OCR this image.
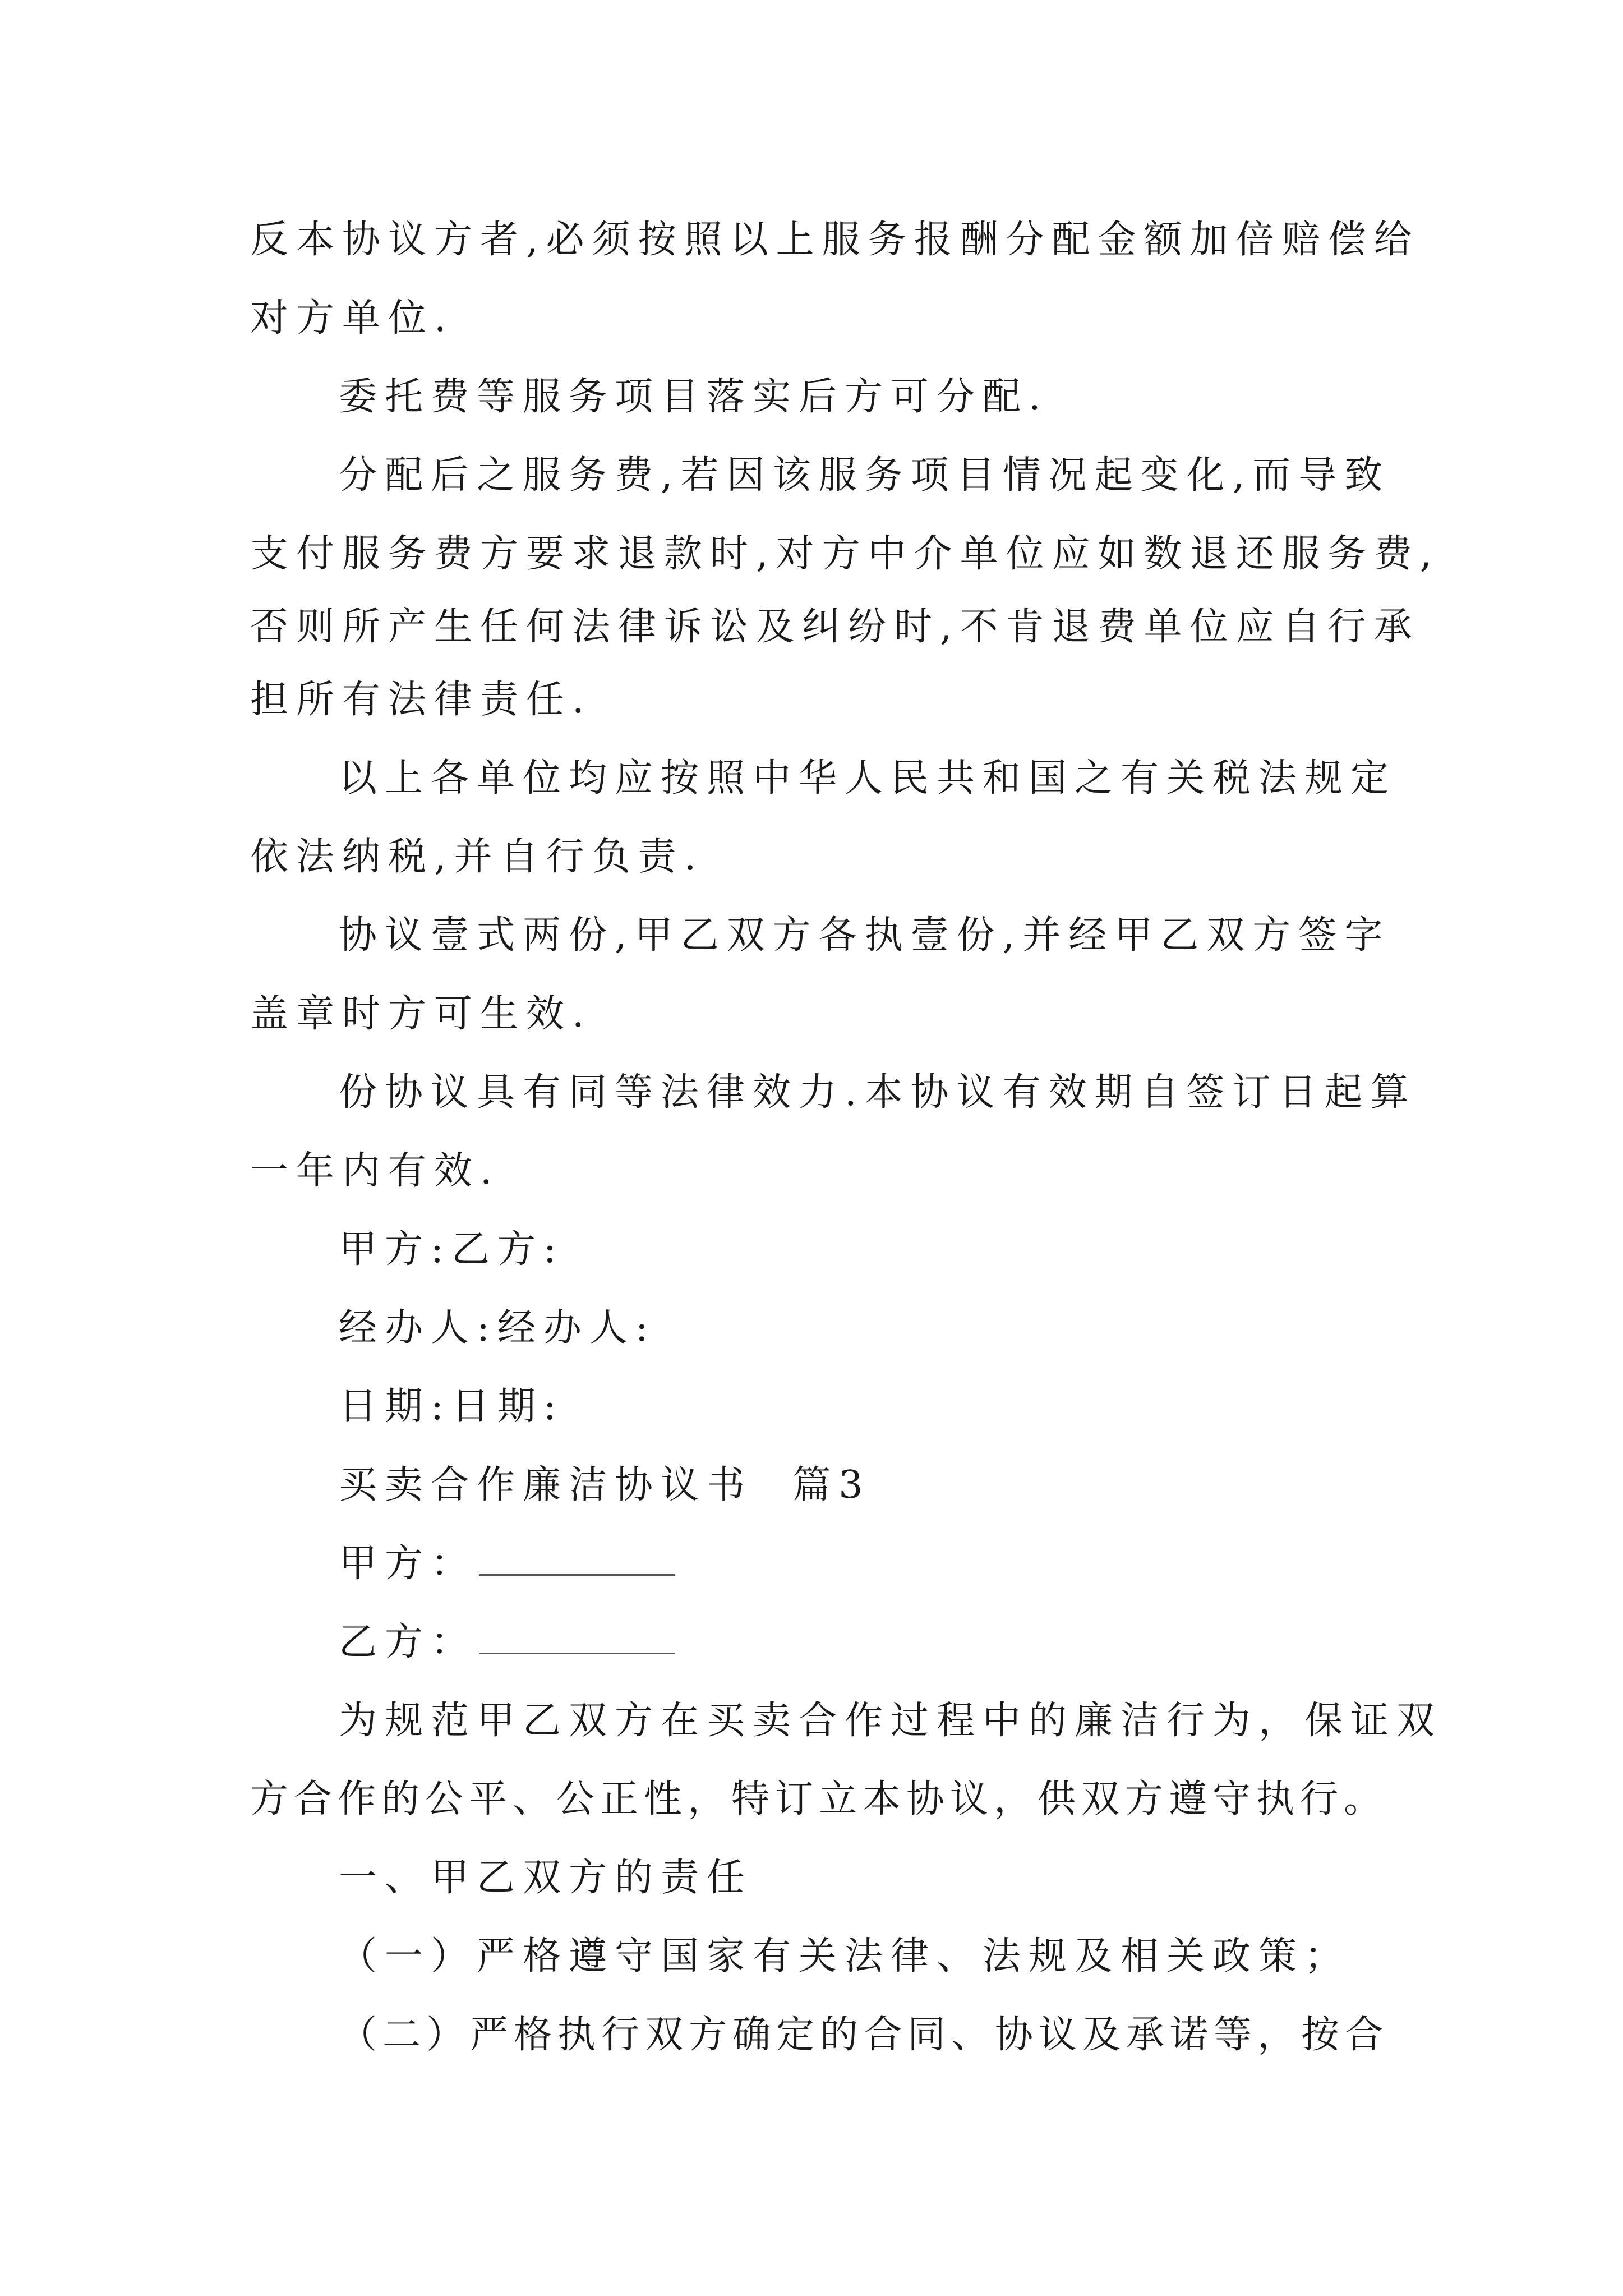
反本协议方者,必须按照以上服务报酬分配金额加倍赔偿给
对方单位.
委托费等服务项目落实后方可分配.
分配后之服务费,若因该服务项目情况起变化,而导致
支付服务费方要求退款时,对方中介单位应如数退还服务费,
否则所产生任何法律诉讼及纠纷时,不肯退费单位应自行承
担所有法律责任.
以上各单位均应按照中华人民共和国之有关税法规定
依法纳税,并自行负责.
协议壹式两份,甲乙双方各执壹份,并经甲乙双方签字
盖章时方可生效.
份协议具有同等法律效力.本协议有效期自签订日起算
一年内有效.
甲方:乙方:
经办人:经办人:
日期:日期:
买卖合作廉洁协议书  篇3
甲方：
乙方：
为规范甲乙双方在买卖合作过程中的廉洁行为，保证双
方合作的公平、公正性，特订立本协议，供双方遵守执行。
一、甲乙双方的责任
（一）严格遵守国家有关法律、法规及相关政策；
（二）严格执行双方确定的合同、协议及承诺等，按合
